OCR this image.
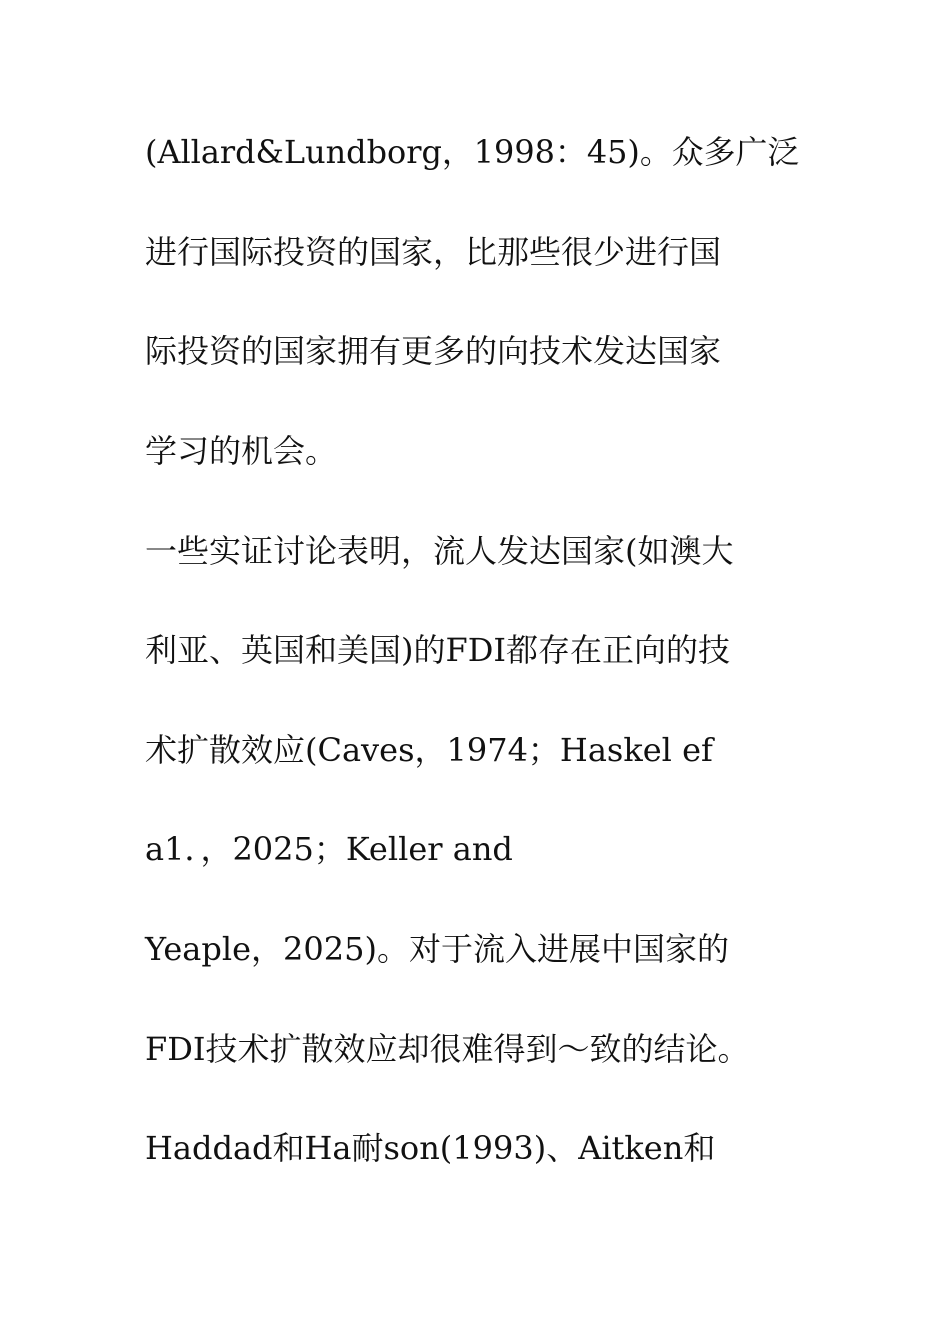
(Allard&Lundborg，1998：45)。众多广泛

进行国际投资的国家，比那些很少进行国

际投资的国家拥有更多的向技术发达国家

学习的机会。

一些实证讨论表明，流人发达国家(如澳大

利亚、英国和美国)的FDI都存在正向的技

术扩散效应(Caves，1974；Haskel ef

a1．，2025；Keller and

Yeaple，2025)。对于流入进展中国家的

FDI技术扩散效应却很难得到～致的结论。

Haddad和Ha耐son(1993)、Aitken和
